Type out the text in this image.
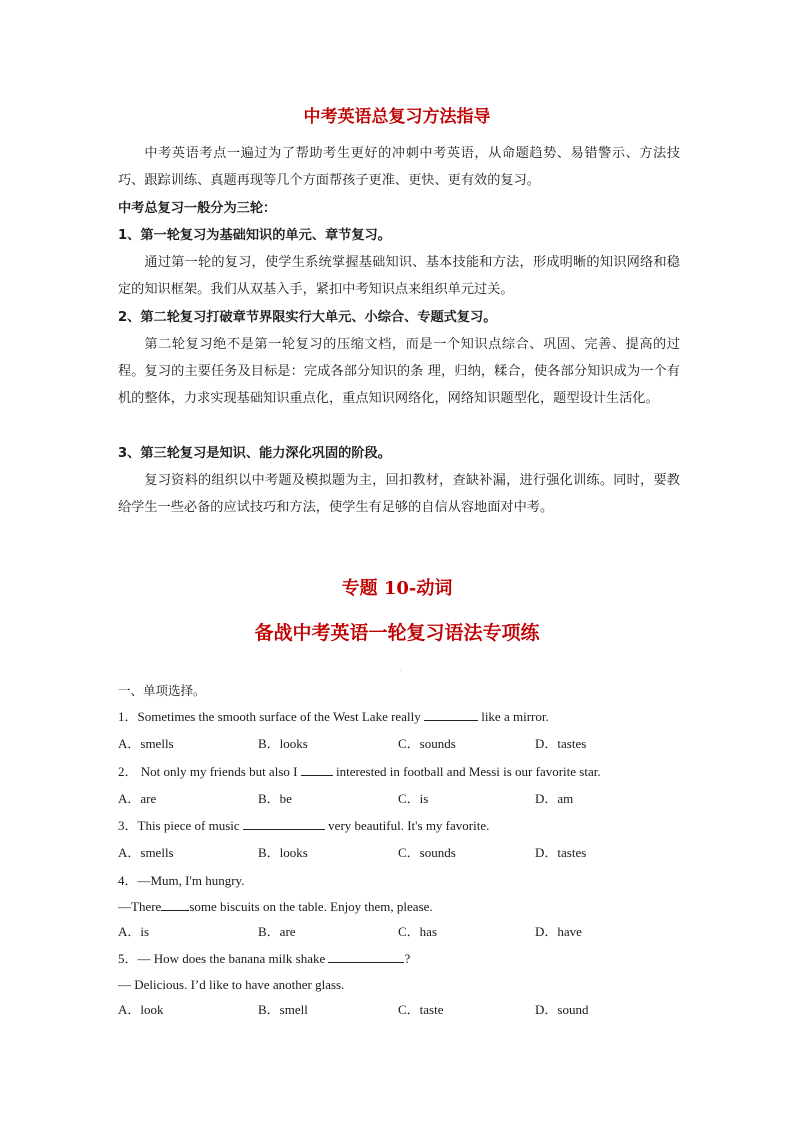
中考英语总复习方法指导
中考英语考点一遍过为了帮助考生更好的冲刺中考英语，从命题趋势、易错警示、方法技巧、跟踪训练、真题再现等几个方面帮孩子更准、更快、更有效的复习。
中考总复习一般分为三轮：
1、第一轮复习为基础知识的单元、章节复习。
通过第一轮的复习，使学生系统掌握基础知识、基本技能和方法，形成明晰的知识网络和稳定的知识框架。我们从双基入手，紧扣中考知识点来组织单元过关。
2、第二轮复习打破章节界限实行大单元、小综合、专题式复习。
第二轮复习绝不是第一轮复习的压缩文档，而是一个知识点综合、巩固、完善、提高的过程。复习的主要任务及目标是：完成各部分知识的条 理，归纳，糅合，使各部分知识成为一个有机的整体，力求实现基础知识重点化，重点知识网络化，网络知识题型化，题型设计生活化。
3、第三轮复习是知识、能力深化巩固的阶段。
复习资料的组织以中考题及模拟题为主，回扣教材，查缺补漏，进行强化训练。同时，要教给学生一些必备的应试技巧和方法，使学生有足够的自信从容地面对中考。
专题 10-动词
备战中考英语一轮复习语法专项练
·
一、单项选择。
1．Sometimes the smooth surface of the West Lake really	like a mirror.
A．smells	B．looks	C．sounds	D．tastes
2． Not only my friends but also I  interested in football and Messi is our favorite star.
A．are	B．be	C．is	D．am
3．This piece of music	very beautiful. It's my favorite.
A．smells	B．looks	C．sounds	D．tastes
4．—Mum, I'm hungry.
—There some biscuits on the table. Enjoy them, please.
A．is	B．are	C．has	D．have
5．— How does the banana milk shake	?
— Delicious. I’d like to have another glass.
A．look	B．smell	C．taste	D．sound
